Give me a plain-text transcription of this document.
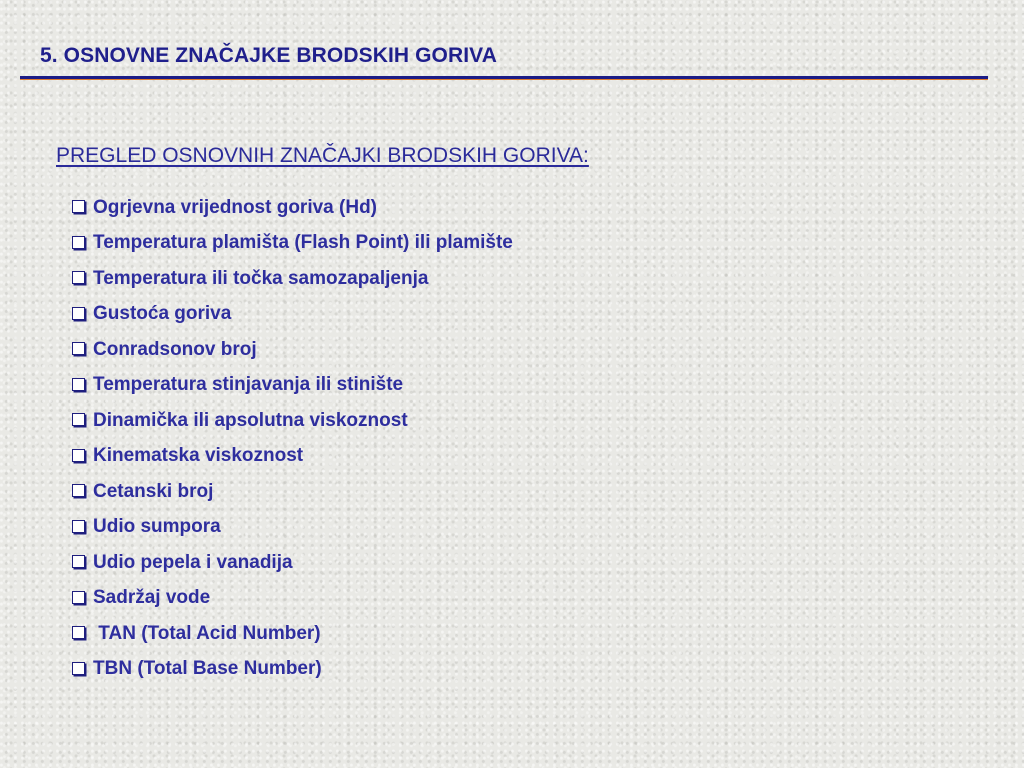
5. OSNOVNE ZNAČAJKE BRODSKIH GORIVA
PREGLED OSNOVNIH ZNAČAJKI BRODSKIH GORIVA:
Ogrjevna vrijednost goriva (Hd)
Temperatura plamišta (Flash Point) ili plamište
Temperatura ili točka samozapaljenja
Gustoća goriva
Conradsonov broj
Temperatura stinjavanja ili stinište
Dinamička ili apsolutna viskoznost
Kinematska viskoznost
Cetanski broj
Udio sumpora
Udio pepela i vanadija
Sadržaj vode
TAN (Total Acid Number)
TBN (Total Base Number)
